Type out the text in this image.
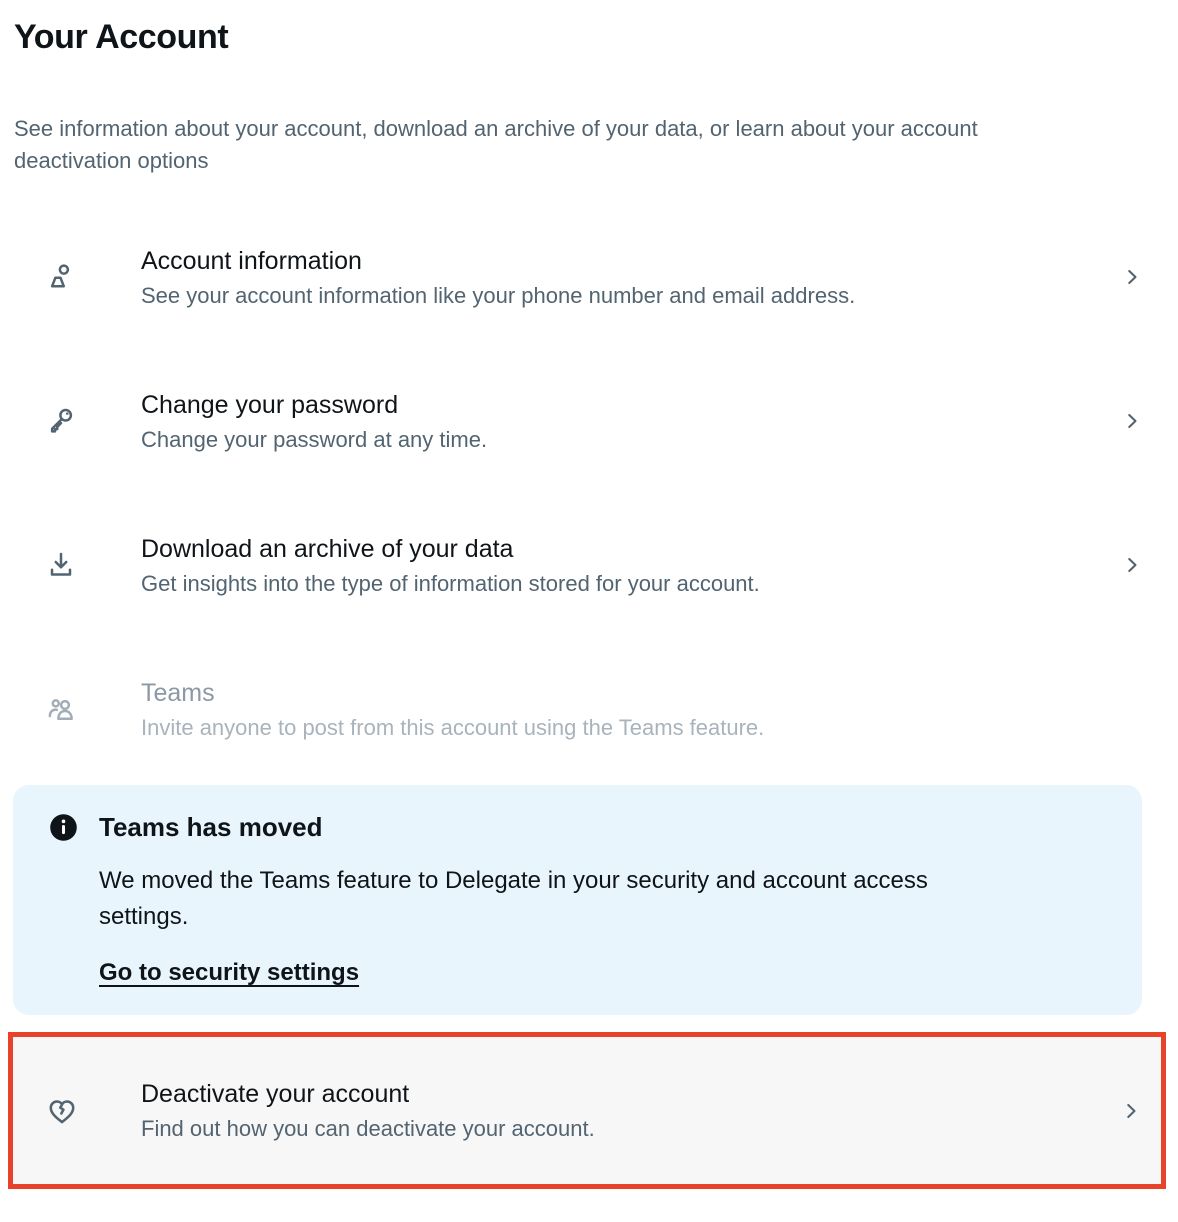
Your Account

See information about your account, download an archive of your data, or learn about your account deactivation options

Account information
See your account information like your phone number and email address.
Change your password
Change your password at any time.
Download an archive of your data
Get insights into the type of information stored for your account.
Teams
Invite anyone to post from this account using the Teams feature.
Teams has moved

We moved the Teams feature to Delegate in your security and account access settings.

Go to security settings
Deactivate your account
Find out how you can deactivate your account.
